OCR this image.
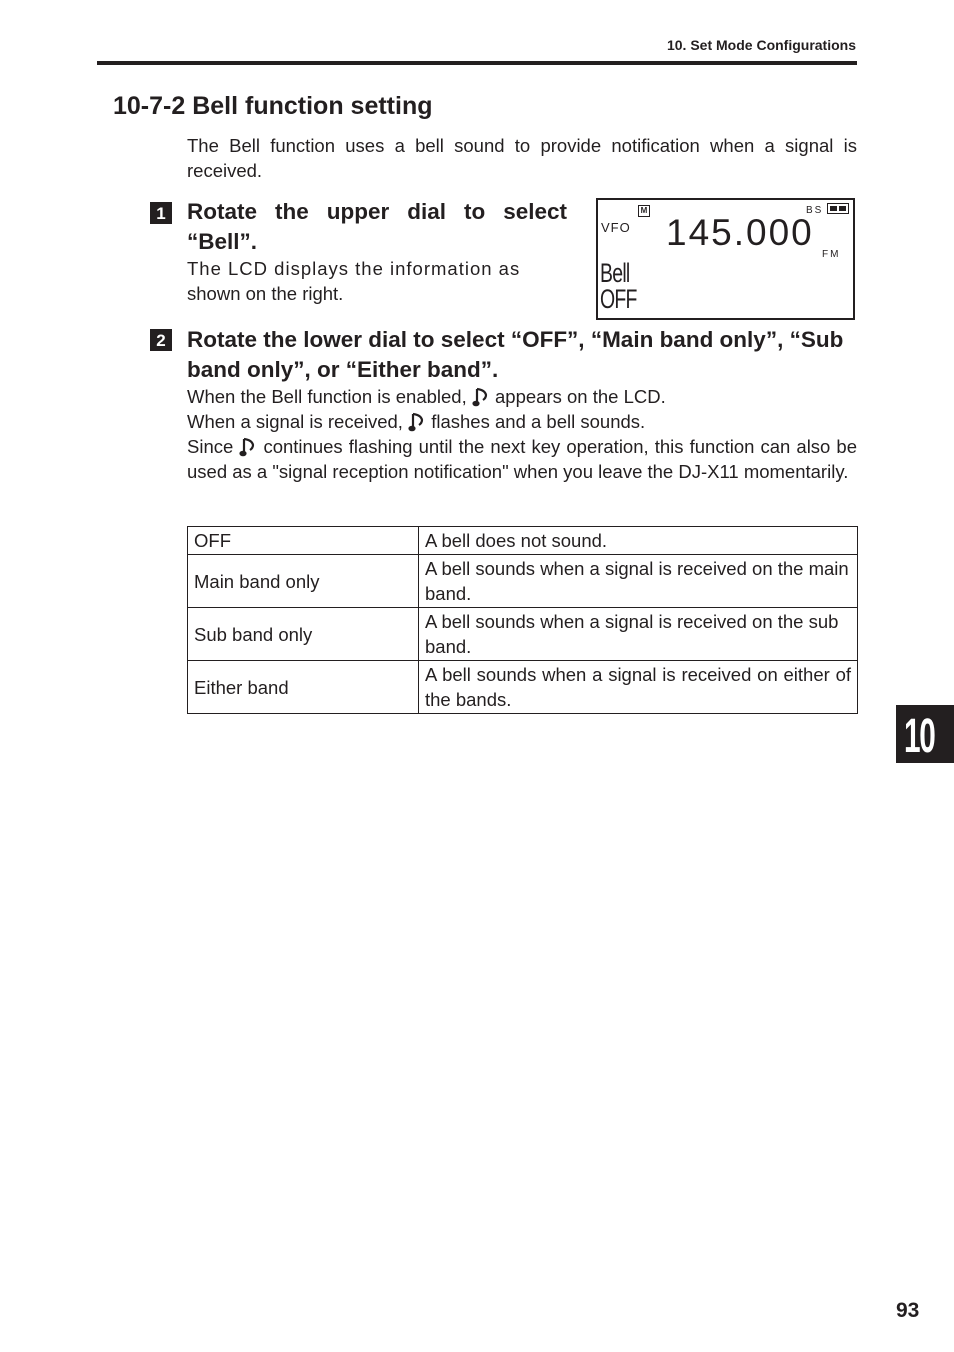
10. Set Mode Configurations
10-7-2 Bell function setting
The Bell function uses a bell sound to provide notification when a signal is received.
1 Rotate the upper dial to select “Bell”.
The LCD displays the information as
shown on the right.
VFO
M	BS
145.000
FM
Bell
OFF
2 Rotate the lower dial to select “OFF”, “Main band only”, “Sub band only”, or “Either band”.

When the Bell function is enabled, appears on the LCD.

When a signal is received, flashes and a bell sounds.

Since continues flashing until the next key operation, this function can also be used as a "signal reception notification" when you leave the DJ-X11 momentarily.

OFF	A bell does not sound.
Main band only	A bell sounds when a signal is received on the main band.
Sub band only	A bell sounds when a signal is received on the sub band.
Either band	A bell sounds when a signal is received on either of the bands.
10
93
